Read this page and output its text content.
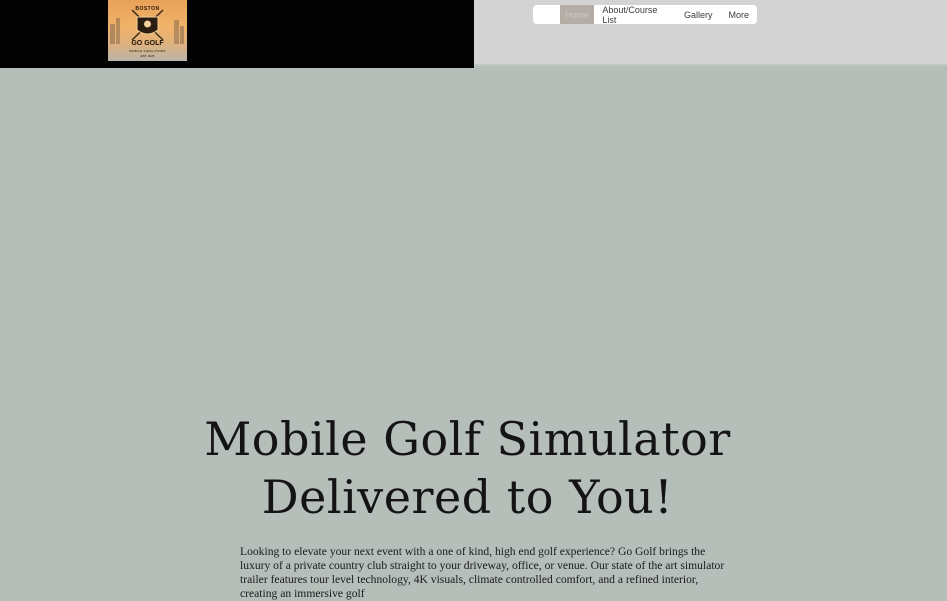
BOSTON
GO GOLF
MOBILE SIMULATORS
EST. 2025
Home	About/Course List	Gallery	More
Mobile Golf Simulator
Delivered to You!

Looking to elevate your next event with a one of kind, high end golf experience? Go Golf brings the luxury of a private country club straight to your driveway, office, or venue. Our state of the art simulator trailer features tour level technology, 4K visuals, climate controlled comfort, and a refined interior, creating an immersive golf
